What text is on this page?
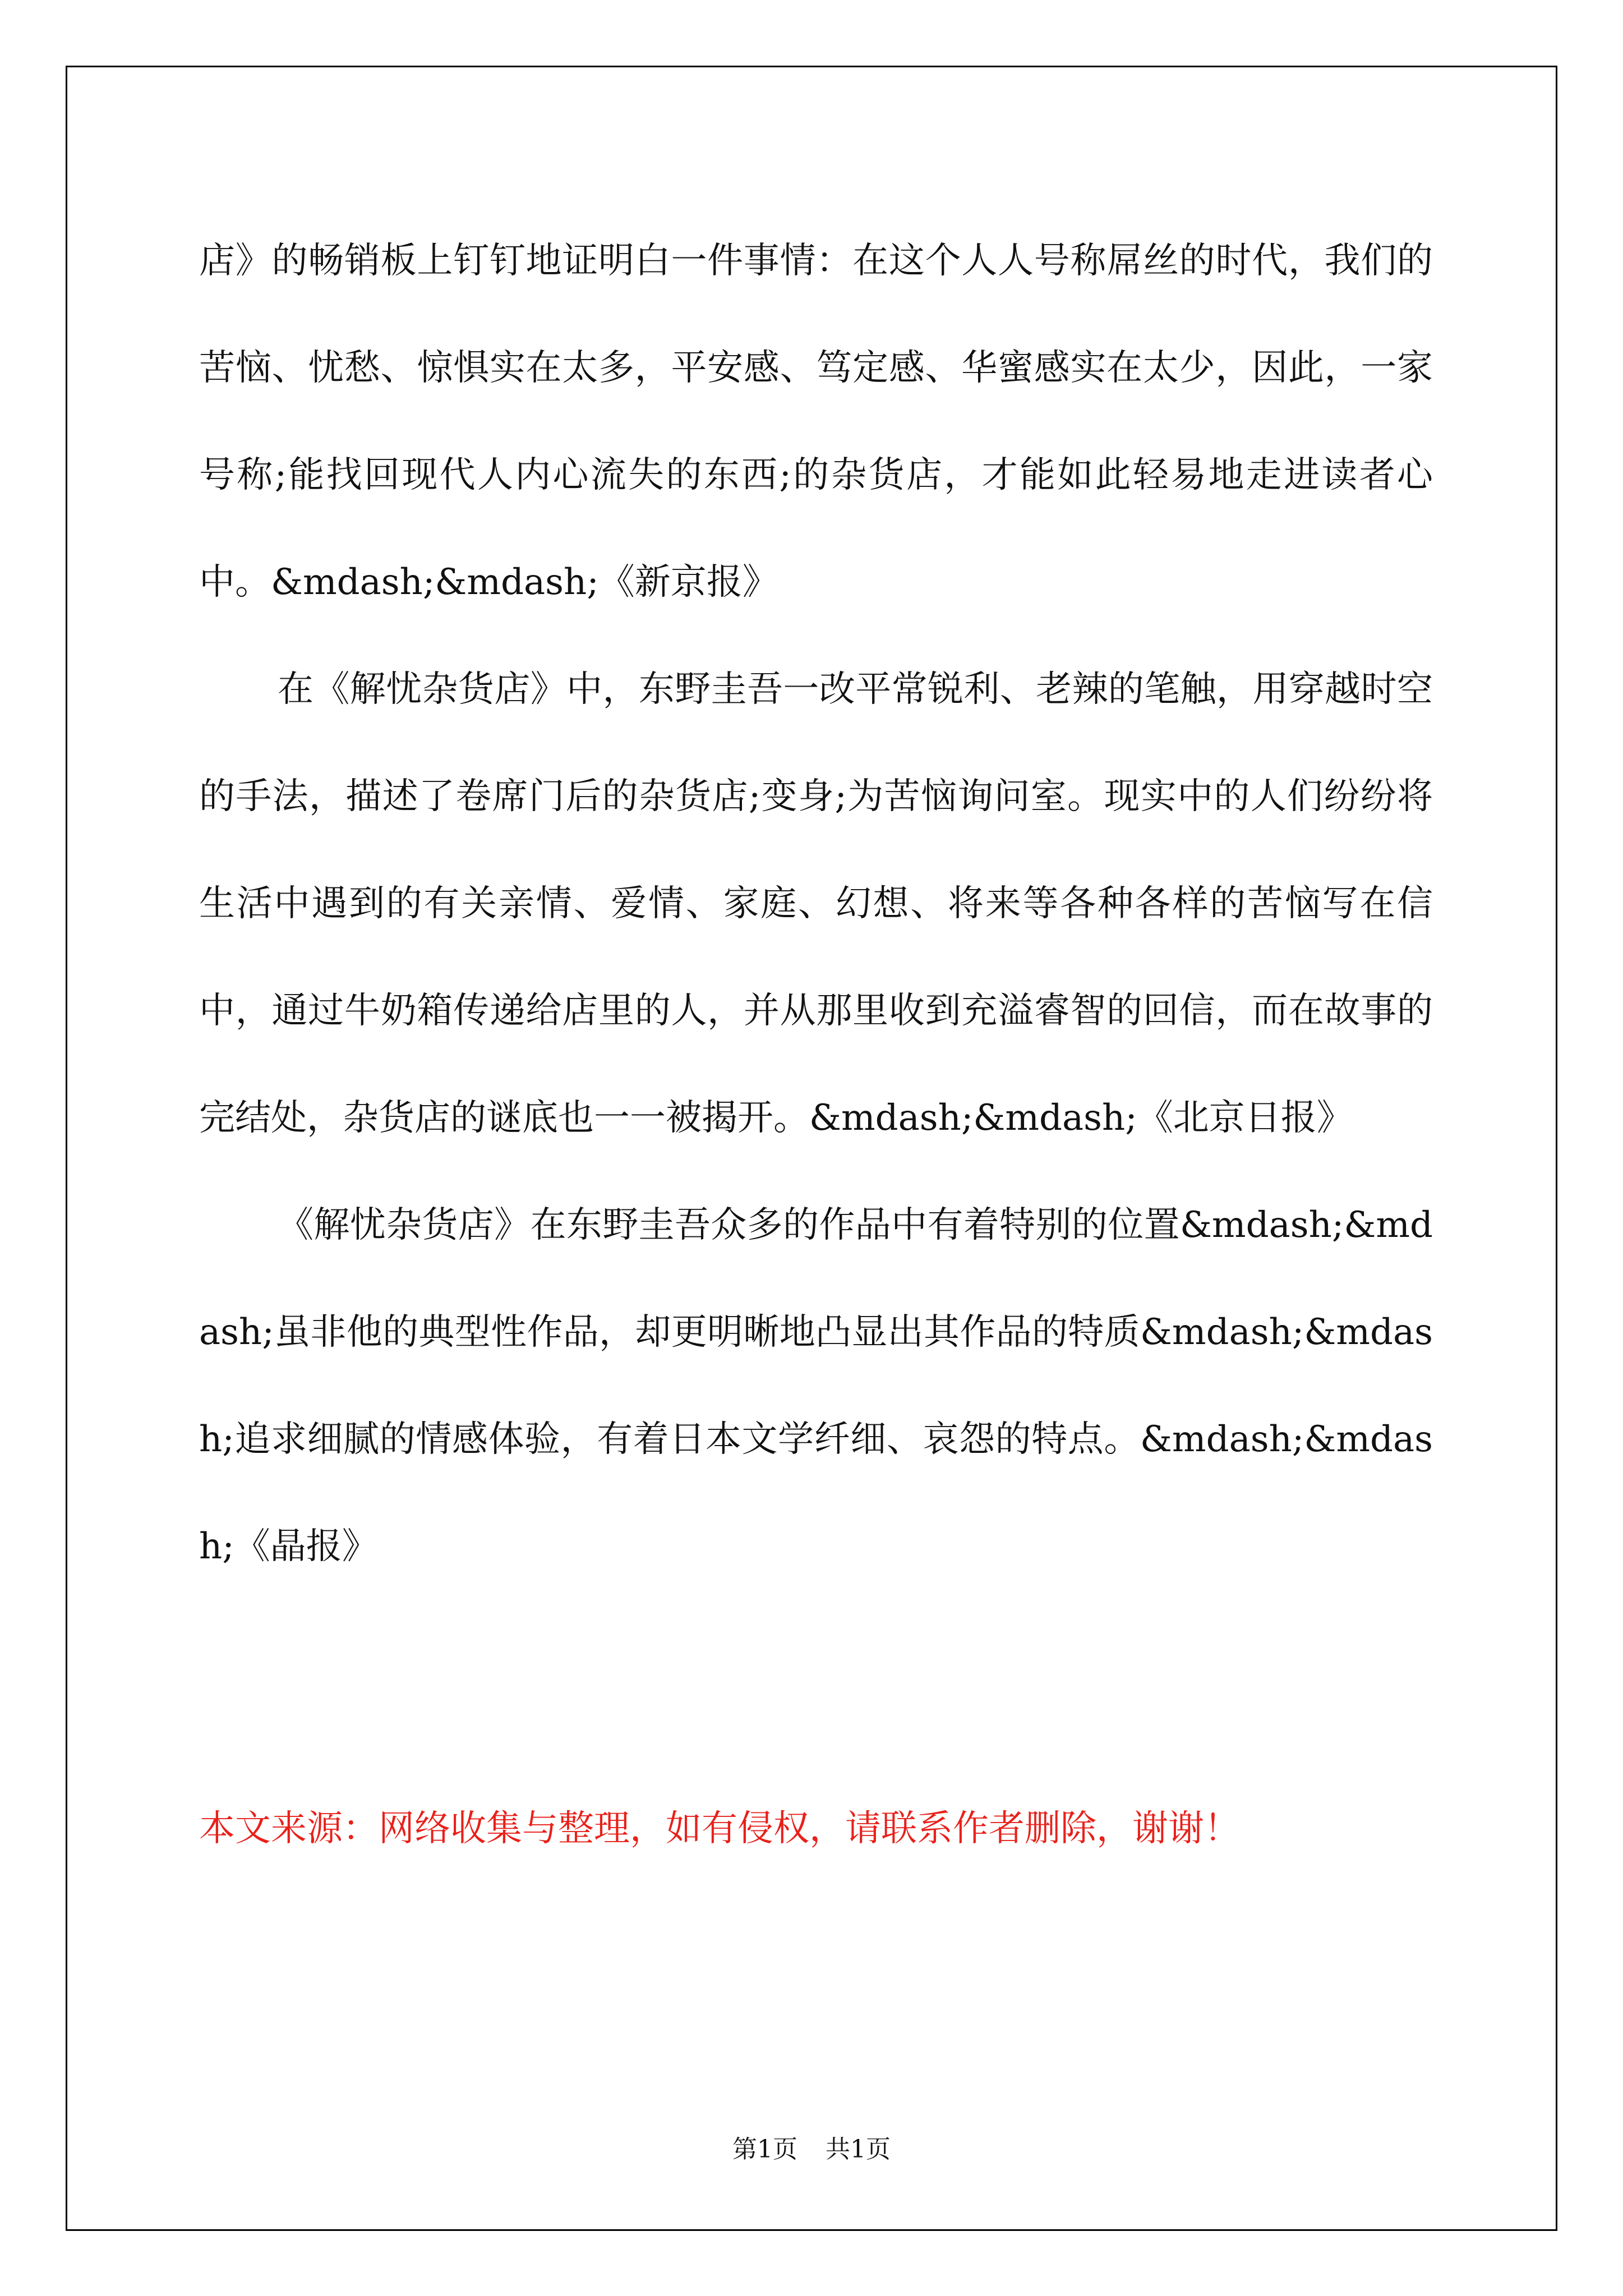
店》的畅销板上钉钉地证明白一件事情：在这个人人号称屌丝的时代，我们的苦恼、忧愁、惊惧实在太多，平安感、笃定感、华蜜感实在太少，因此，一家号称;能找回现代人内心流失的东西;的杂货店，才能如此轻易地走进读者心中。&mdash;&mdash;《新京报》

在《解忧杂货店》中，东野圭吾一改平常锐利、老辣的笔触，用穿越时空的手法，描述了卷席门后的杂货店;变身;为苦恼询问室。现实中的人们纷纷将生活中遇到的有关亲情、爱情、家庭、幻想、将来等各种各样的苦恼写在信中，通过牛奶箱传递给店里的人，并从那里收到充溢睿智的回信，而在故事的完结处，杂货店的谜底也一一被揭开。&mdash;&mdash;《北京日报》

《解忧杂货店》在东野圭吾众多的作品中有着特别的位置&mdash;&mdash;虽非他的典型性作品，却更明晰地凸显出其作品的特质&mdash;&mdash;追求细腻的情感体验，有着日本文学纤细、哀怨的特点。&mdash;&mdash;《晶报》

本文来源：网络收集与整理，如有侵权，请联系作者删除，谢谢！
第1页 共1页
